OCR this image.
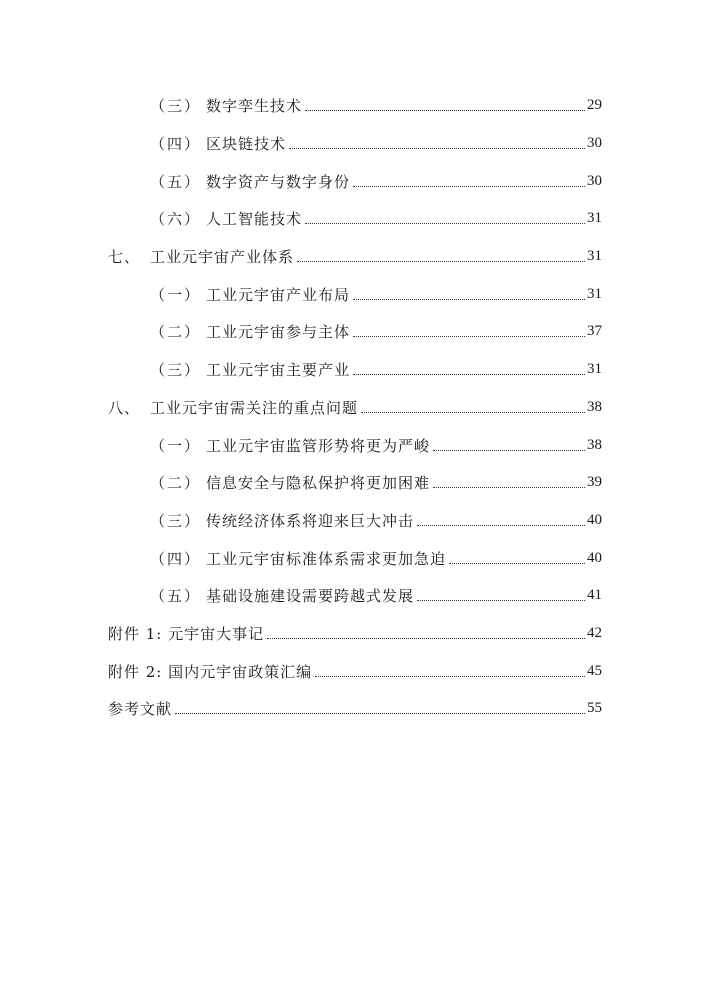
（三） 数字孪生技术	29
（四） 区块链技术	30
（五） 数字资产与数字身份	30
（六） 人工智能技术	31
七、 工业元宇宙产业体系	31
（一） 工业元宇宙产业布局	31
（二） 工业元宇宙参与主体	37
（三） 工业元宇宙主要产业	31
八、 工业元宇宙需关注的重点问题	38
（一） 工业元宇宙监管形势将更为严峻	38
（二） 信息安全与隐私保护将更加困难	39
（三） 传统经济体系将迎来巨大冲击	40
（四） 工业元宇宙标准体系需求更加急迫	40
（五） 基础设施建设需要跨越式发展	41
附件 1: 元宇宙大事记	42
附件 2: 国内元宇宙政策汇编	45
参考文献	55
